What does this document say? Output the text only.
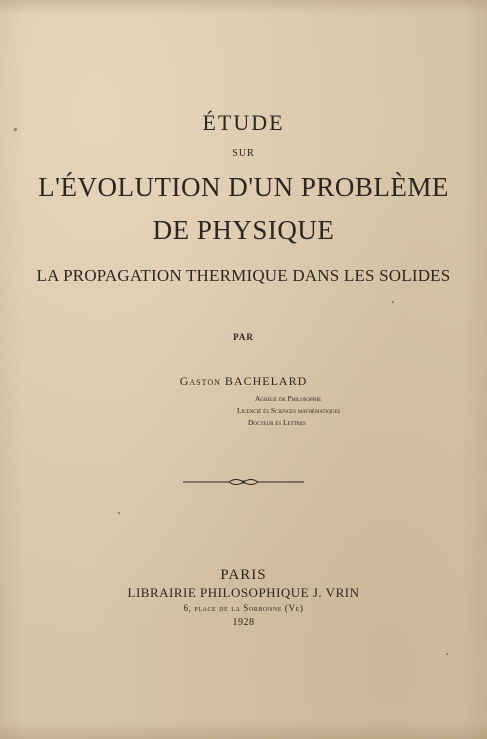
ÉTUDE
SUR
L'ÉVOLUTION D'UN PROBLÈME
DE PHYSIQUE
LA PROPAGATION THERMIQUE DANS LES SOLIDES
PAR
Gaston BACHELARD
Agrégé de Philosophie
Licencié ès Sciences mathématiques
Docteur ès Lettres
PARIS
LIBRAIRIE PHILOSOPHIQUE J. VRIN
6, place de la Sorbonne (Ve)
1928
